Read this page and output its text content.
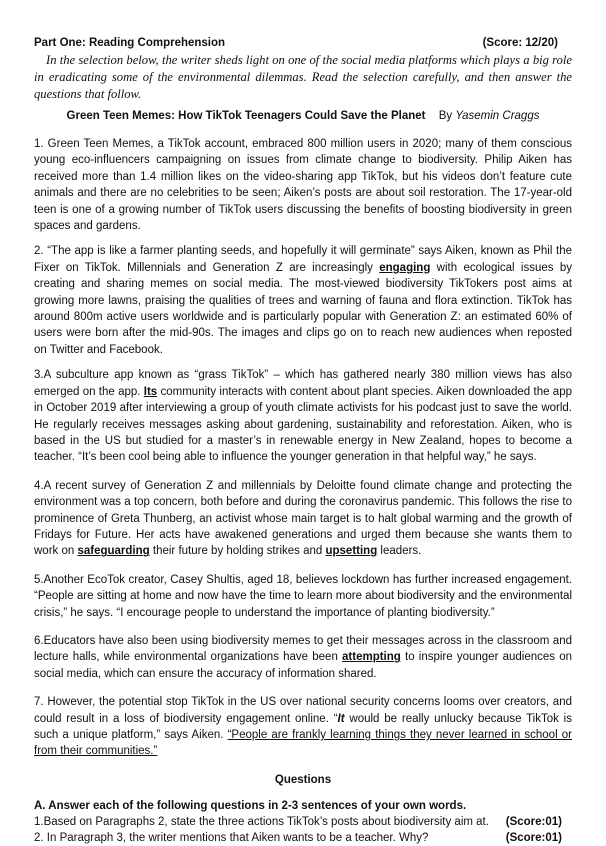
Part One: Reading Comprehension	(Score: 12/20)

In the selection below, the writer sheds light on one of the social media platforms which plays a big role in eradicating some of the environmental dilemmas. Read the selection carefully, and then answer the questions that follow.

Green Teen Memes: How TikTok Teenagers Could Save the Planet By Yasemin Craggs

1. Green Teen Memes, a TikTok account, embraced 800 million users in 2020; many of them conscious young eco-influencers campaigning on issues from climate change to biodiversity. Philip Aiken has received more than 1.4 million likes on the video-sharing app TikTok, but his videos don’t feature cute animals and there are no celebrities to be seen; Aiken’s posts are about soil restoration. The 17-year-old teen is one of a growing number of TikTok users discussing the benefits of boosting biodiversity in green spaces and gardens.

2. “The app is like a farmer planting seeds, and hopefully it will germinate” says Aiken, known as Phil the Fixer on TikTok. Millennials and Generation Z are increasingly engaging with ecological issues by creating and sharing memes on social media. The most-viewed biodiversity TikTokers post aims at growing more lawns, praising the qualities of trees and warning of fauna and flora extinction. TikTok has around 800m active users worldwide and is particularly popular with Generation Z: an estimated 60% of users were born after the mid-90s. The images and clips go on to reach new audiences when reposted on Twitter and Facebook.

3.A subculture app known as “grass TikTok” – which has gathered nearly 380 million views has also emerged on the app. Its community interacts with content about plant species. Aiken downloaded the app in October 2019 after interviewing a group of youth climate activists for his podcast just to save the world. He regularly receives messages asking about gardening, sustainability and reforestation. Aiken, who is based in the US but studied for a master’s in renewable energy in New Zealand, hopes to become a teacher. “It’s been cool being able to influence the younger generation in that helpful way,” he says.

4.A recent survey of Generation Z and millennials by Deloitte found climate change and protecting the environment was a top concern, both before and during the coronavirus pandemic. This follows the rise to prominence of Greta Thunberg, an activist whose main target is to halt global warming and the growth of Fridays for Future. Her acts have awakened generations and urged them because she wants them to work on safeguarding their future by holding strikes and upsetting leaders.

5.Another EcoTok creator, Casey Shultis, aged 18, believes lockdown has further increased engagement. “People are sitting at home and now have the time to learn more about biodiversity and the environmental crisis,” he says. “I encourage people to understand the importance of planting biodiversity.”

6.Educators have also been using biodiversity memes to get their messages across in the classroom and lecture halls, while environmental organizations have been attempting to inspire younger audiences on social media, which can ensure the accuracy of information shared.

7. However, the potential stop TikTok in the US over national security concerns looms over creators, and could result in a loss of biodiversity engagement online. “It would be really unlucky because TikTok is such a unique platform,” says Aiken. “People are frankly learning things they never learned in school or from their communities.”

Questions
A. Answer each of the following questions in 2-3 sentences of your own words.
1.Based on Paragraphs 2, state the three actions TikTok’s posts about biodiversity aim at. (Score:01)
2. In Paragraph 3, the writer mentions that Aiken wants to be a teacher. Why?	(Score:01)
